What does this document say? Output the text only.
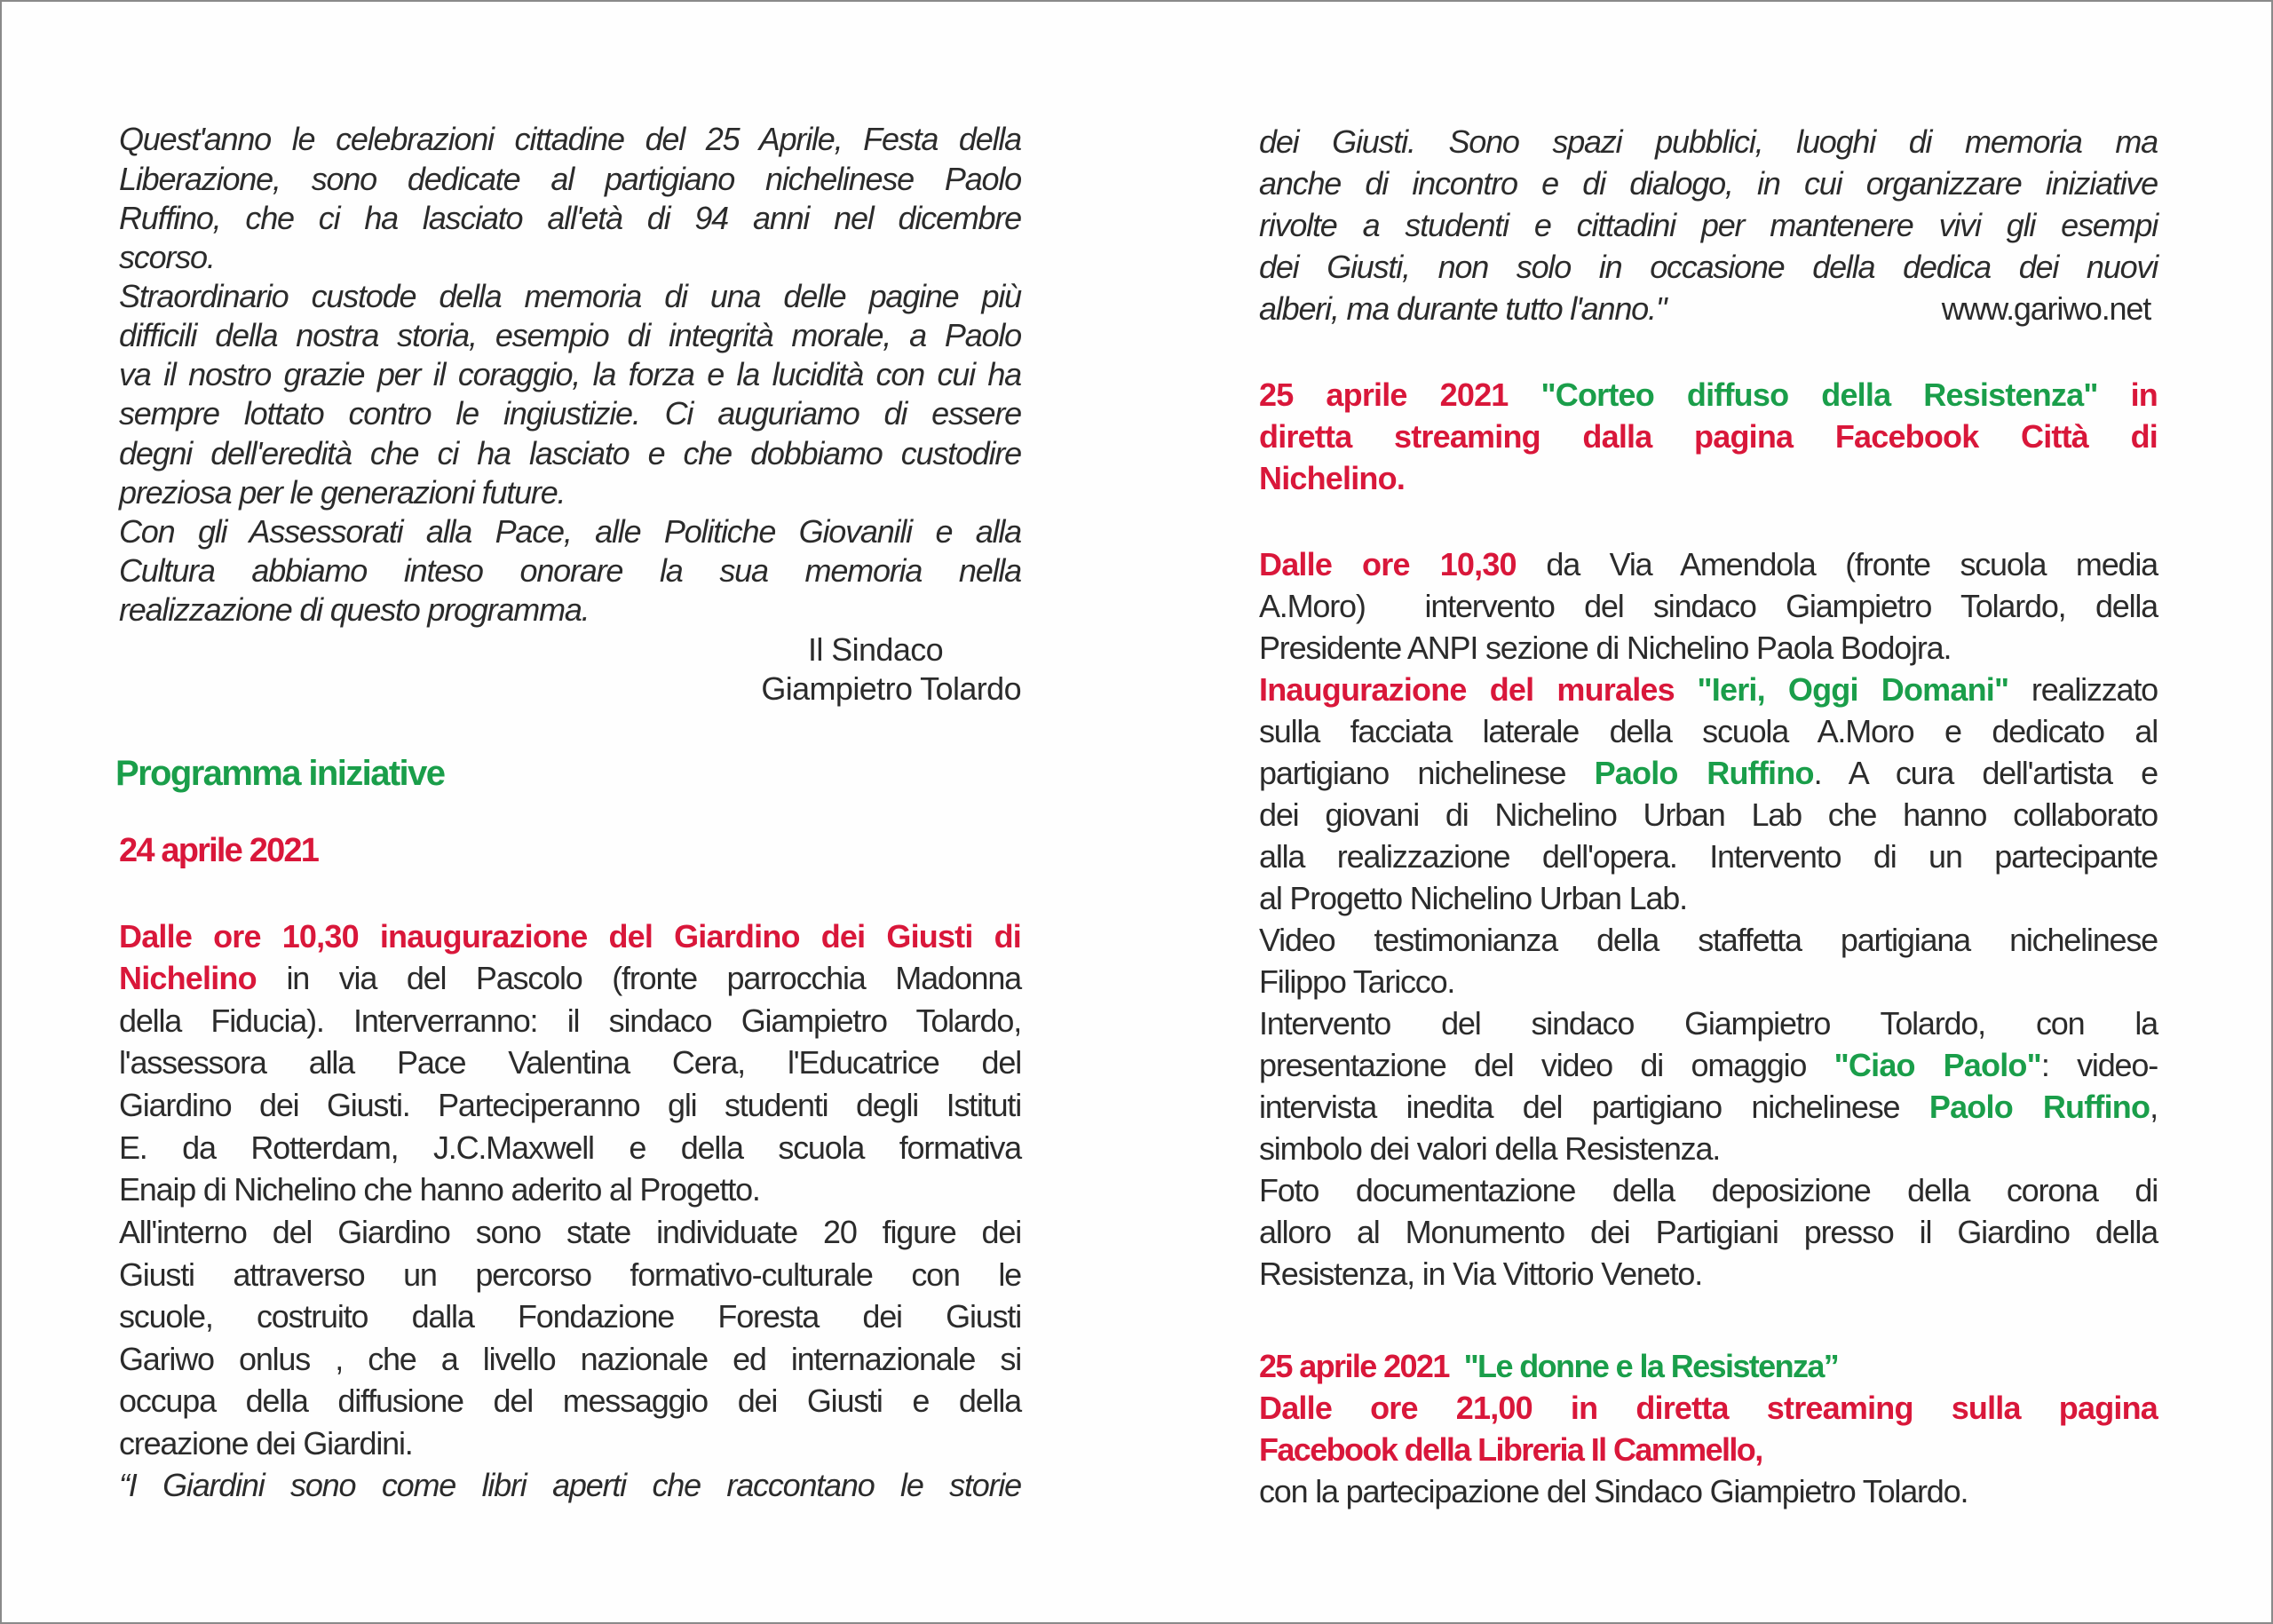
Quest'anno le celebrazioni cittadine del 25 Aprile, Festa della
Liberazione, sono dedicate al partigiano nichelinese Paolo
Ruffino, che ci ha lasciato all'età di 94 anni nel dicembre
scorso.
Straordinario custode della memoria di una delle pagine più
difficili della nostra storia, esempio di integrità morale, a Paolo
va il nostro grazie per il coraggio, la forza e la lucidità con cui ha
sempre lottato contro le ingiustizie. Ci auguriamo di essere
degni dell'eredità che ci ha lasciato e che dobbiamo custodire
preziosa per le generazioni future.
Con gli Assessorati alla Pace, alle Politiche Giovanili e alla
Cultura abbiamo inteso onorare la sua memoria nella
realizzazione di questo programma.
Il Sindaco
Giampietro Tolardo
Programma iniziative
24 aprile 2021
Dalle ore 10,30 inaugurazione del Giardino dei Giusti di
Nichelino in via del Pascolo (fronte parrocchia Madonna
della Fiducia). Interverranno: il sindaco Giampietro Tolardo,
l'assessora alla Pace Valentina Cera, l'Educatrice del
Giardino dei Giusti. Parteciperanno gli studenti degli Istituti
E. da Rotterdam, J.C.Maxwell e della scuola formativa
Enaip di Nichelino che hanno aderito al Progetto.
All'interno del Giardino sono state individuate 20 figure dei
Giusti attraverso un percorso formativo-culturale con le
scuole, costruito dalla Fondazione Foresta dei Giusti
Gariwo onlus , che a livello nazionale ed internazionale si
occupa della diffusione del messaggio dei Giusti e della
creazione dei Giardini.
“I Giardini sono come libri aperti che raccontano le storie
dei Giusti. Sono spazi pubblici, luoghi di memoria ma
anche di incontro e di dialogo, in cui organizzare iniziative
rivolte a studenti e cittadini per mantenere vivi gli esempi
dei Giusti, non solo in occasione della dedica dei nuovi
alberi, ma durante tutto l'anno."	www.gariwo.net
25 aprile 2021 "Corteo diffuso della Resistenza" in
diretta streaming dalla pagina Facebook Città di
Nichelino.
Dalle ore 10,30 da Via Amendola (fronte scuola media
A.Moro)  intervento del sindaco Giampietro Tolardo, della
Presidente ANPI sezione di Nichelino Paola Bodojra.
Inaugurazione del murales "Ieri, Oggi Domani" realizzato
sulla facciata laterale della scuola A.Moro e dedicato al
partigiano nichelinese Paolo Ruffino. A cura dell'artista e
dei giovani di Nichelino Urban Lab che hanno collaborato
alla realizzazione dell'opera. Intervento di un partecipante
al Progetto Nichelino Urban Lab.
Video testimonianza della staffetta partigiana nichelinese
Filippo Taricco.
Intervento del sindaco Giampietro Tolardo, con la
presentazione del video di omaggio "Ciao Paolo": video-
intervista inedita del partigiano nichelinese Paolo Ruffino,
simbolo dei valori della Resistenza.
Foto documentazione della deposizione della corona di
alloro al Monumento dei Partigiani presso il Giardino della
Resistenza, in Via Vittorio Veneto.
25 aprile 2021 "Le donne e la Resistenza”
Dalle ore 21,00 in diretta streaming sulla pagina
Facebook della Libreria Il Cammello,
con la partecipazione del Sindaco Giampietro Tolardo.
